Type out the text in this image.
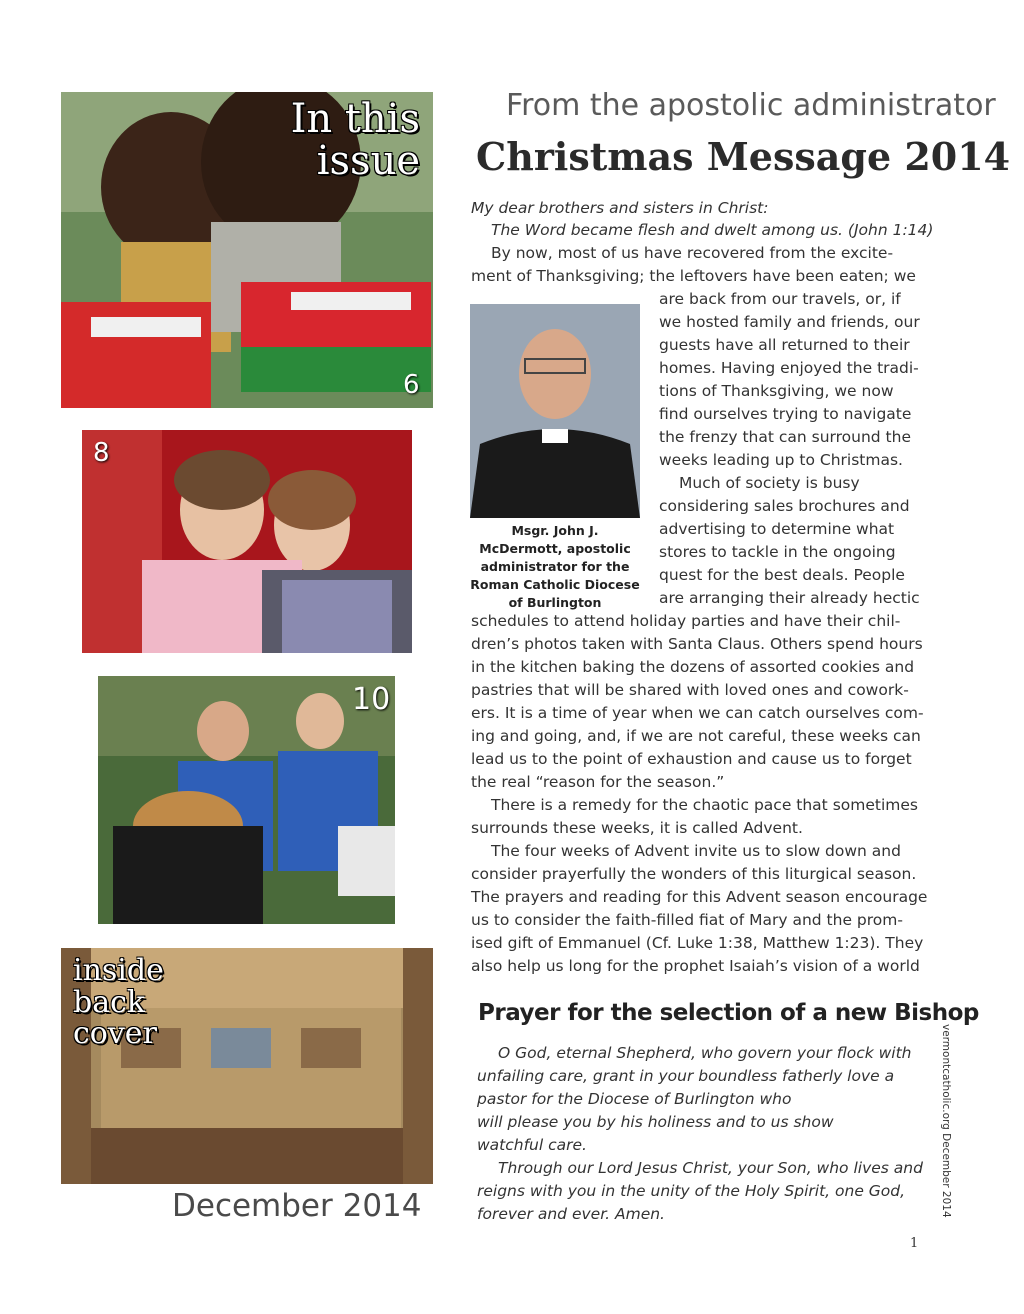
In this issue
6
8
10
inside back cover
December 2014
From the apostolic administrator
Christmas Message 2014
Msgr. John J. McDermott, apostolic administrator for the Roman Catholic Diocese of Burlington
My dear brothers and sisters in Christ:
The Word became flesh and dwelt among us. (John 1:14)
By now, most of us have recovered from the excite-
ment of Thanksgiving; the leftovers have been eaten; we
are back from our travels, or, if
we hosted family and friends, our
guests have all returned to their
homes. Having enjoyed the tradi-
tions of Thanksgiving, we now
find ourselves trying to navigate
the frenzy that can surround the
weeks leading up to Christmas.
Much of society is busy
considering sales brochures and
advertising to determine what
stores to tackle in the ongoing
quest for the best deals. People
are arranging their already hectic
schedules to attend holiday parties and have their chil-
dren’s photos taken with Santa Claus. Others spend hours
in the kitchen baking the dozens of assorted cookies and
pastries that will be shared with loved ones and cowork-
ers. It is a time of year when we can catch ourselves com-
ing and going, and, if we are not careful, these weeks can
lead us to the point of exhaustion and cause us to forget
the real “reason for the season.”
There is a remedy for the chaotic pace that sometimes
surrounds these weeks, it is called Advent.
The four weeks of Advent invite us to slow down and
consider prayerfully the wonders of this liturgical season.
The prayers and reading for this Advent season encourage
us to consider the faith-filled fiat of Mary and the prom-
ised gift of Emmanuel (Cf. Luke 1:38, Matthew 1:23). They
also help us long for the prophet Isaiah’s vision of a world
Prayer for the selection of a new Bishop
O God, eternal Shepherd, who govern your flock with
unfailing care, grant in your boundless fatherly love a
pastor for the Diocese of Burlington who
will please you by his holiness and to us show
watchful care.
Through our Lord Jesus Christ, your Son, who lives and
reigns with you in the unity of the Holy Spirit, one God,
forever and ever. Amen.	vermontcatholic.org December 2014
1
